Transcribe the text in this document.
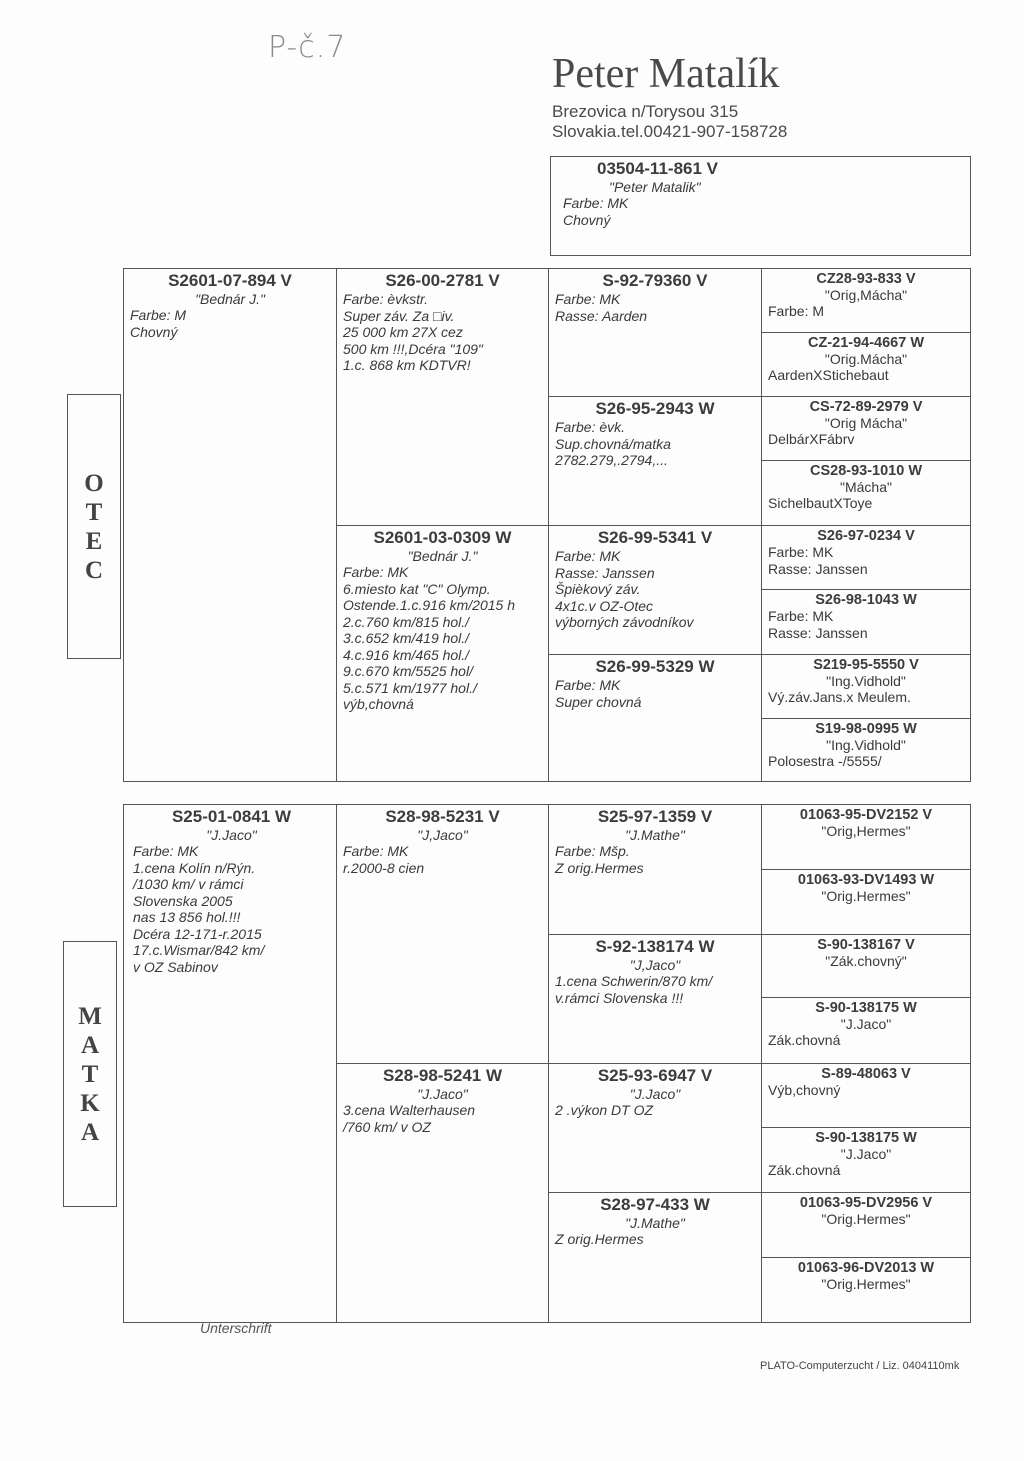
P-č.7
Peter Matalík
Brezovica n/Torysou 315
Slovakia.tel.00421-907-158728
03504-11-861 V
"Peter Matalik"
Farbe: MK
Chovný
O
T
E
C
M
A
T
K
A
S2601-07-894 V
"Bednár J."
Farbe: M
Chovný
S26-00-2781 V
Farbe: èvkstr.
Super záv. Za □iv.
25 000 km 27X cez
500 km !!!,Dcéra "109"
1.c. 868 km KDTVR!
S2601-03-0309 W
"Bednár J."
Farbe: MK
6.miesto kat "C" Olymp.
Ostende.1.c.916 km/2015 h
2.c.760 km/815 hol./
3.c.652 km/419 hol./
4.c.916 km/465 hol./
9.c.670 km/5525 hol/
5.c.571 km/1977 hol./
výb,chovná
S-92-79360 V
Farbe: MK
Rasse: Aarden
S26-95-2943 W
Farbe: èvk.
Sup.chovná/matka
2782.279,.2794,...
S26-99-5341 V
Farbe: MK
Rasse: Janssen
Špièkový záv.
4x1c.v OZ-Otec
výborných závodníkov
S26-99-5329 W
Farbe: MK
Super chovná
CZ28-93-833 V
"Orig,Mácha"
Farbe: M
CZ-21-94-4667 W
"Orig.Mácha"
AardenXStichebaut
CS-72-89-2979 V
"Orig Mácha"
DelbárXFábrv
CS28-93-1010 W
"Mácha"
SichelbautXToye
S26-97-0234 V
Farbe: MK
Rasse: Janssen
S26-98-1043 W
Farbe: MK
Rasse: Janssen
S219-95-5550 V
"Ing.Vidhold"
Vý.záv.Jans.x Meulem.
S19-98-0995 W
"Ing.Vidhold"
Polosestra -/5555/
S25-01-0841 W
"J.Jaco"
Farbe: MK
1.cena Kolín n/Rýn.
/1030 km/ v rámci
Slovenska 2005
nas 13 856 hol.!!!
Dcéra 12-171-r.2015
17.c.Wismar/842 km/
v OZ Sabinov
S28-98-5231 V
"J,Jaco"
Farbe: MK
r.2000-8 cien
S28-98-5241 W
"J.Jaco"
3.cena Walterhausen
/760 km/ v OZ
S25-97-1359 V
"J.Mathe"
Farbe: Mšp.
Z orig.Hermes
S-92-138174 W
"J,Jaco"
1.cena Schwerin/870 km/
v.rámci Slovenska !!!
S25-93-6947 V
"J.Jaco"
2 .výkon DT OZ
S28-97-433 W
"J.Mathe"
Z orig.Hermes
01063-95-DV2152 V
"Orig,Hermes"
01063-93-DV1493 W
"Orig.Hermes"
S-90-138167 V
"Zák.chovný"
S-90-138175 W
"J.Jaco"
Zák.chovná
S-89-48063 V
Výb,chovný
S-90-138175 W
"J.Jaco"
Zák.chovná
01063-95-DV2956 V
"Orig.Hermes"
01063-96-DV2013 W
"Orig.Hermes"
Unterschrift
PLATO-Computerzucht / Liz. 0404110mk
